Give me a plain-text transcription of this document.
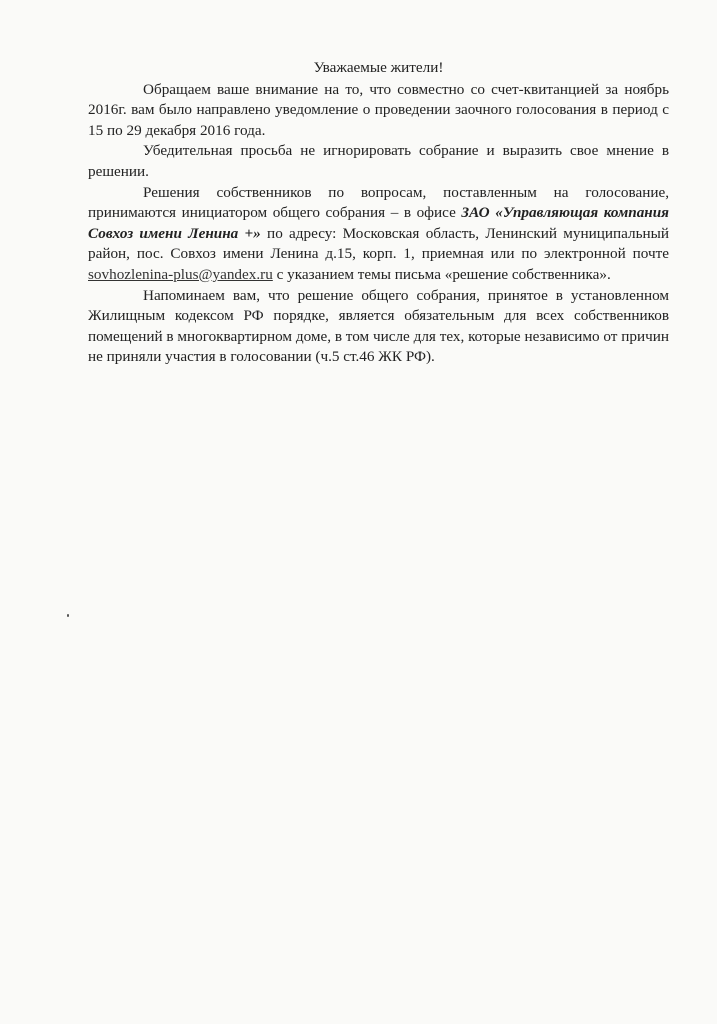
Уважаемые жители!

Обращаем ваше внимание на то, что совместно со счет-квитанцией за ноябрь 2016г. вам было направлено уведомление о проведении заочного голосования в период с 15 по 29 декабря 2016 года.

Убедительная просьба не игнорировать собрание и выразить свое мнение в решении.

Решения собственников по вопросам, поставленным на голосование, принимаются инициатором общего собрания – в офисе ЗАО «Управляющая компания Совхоз имени Ленина +» по адресу: Московская область, Ленинский муниципальный район, пос. Совхоз имени Ленина д.15, корп. 1, приемная или по электронной почте sovhozlenina-plus@yandex.ru с указанием темы письма «решение собственника».

Напоминаем вам, что решение общего собрания, принятое в установленном Жилищным кодексом РФ порядке, является обязательным для всех собственников помещений в многоквартирном доме, в том числе для тех, которые независимо от причин не приняли участия в голосовании (ч.5 ст.46 ЖК РФ).
